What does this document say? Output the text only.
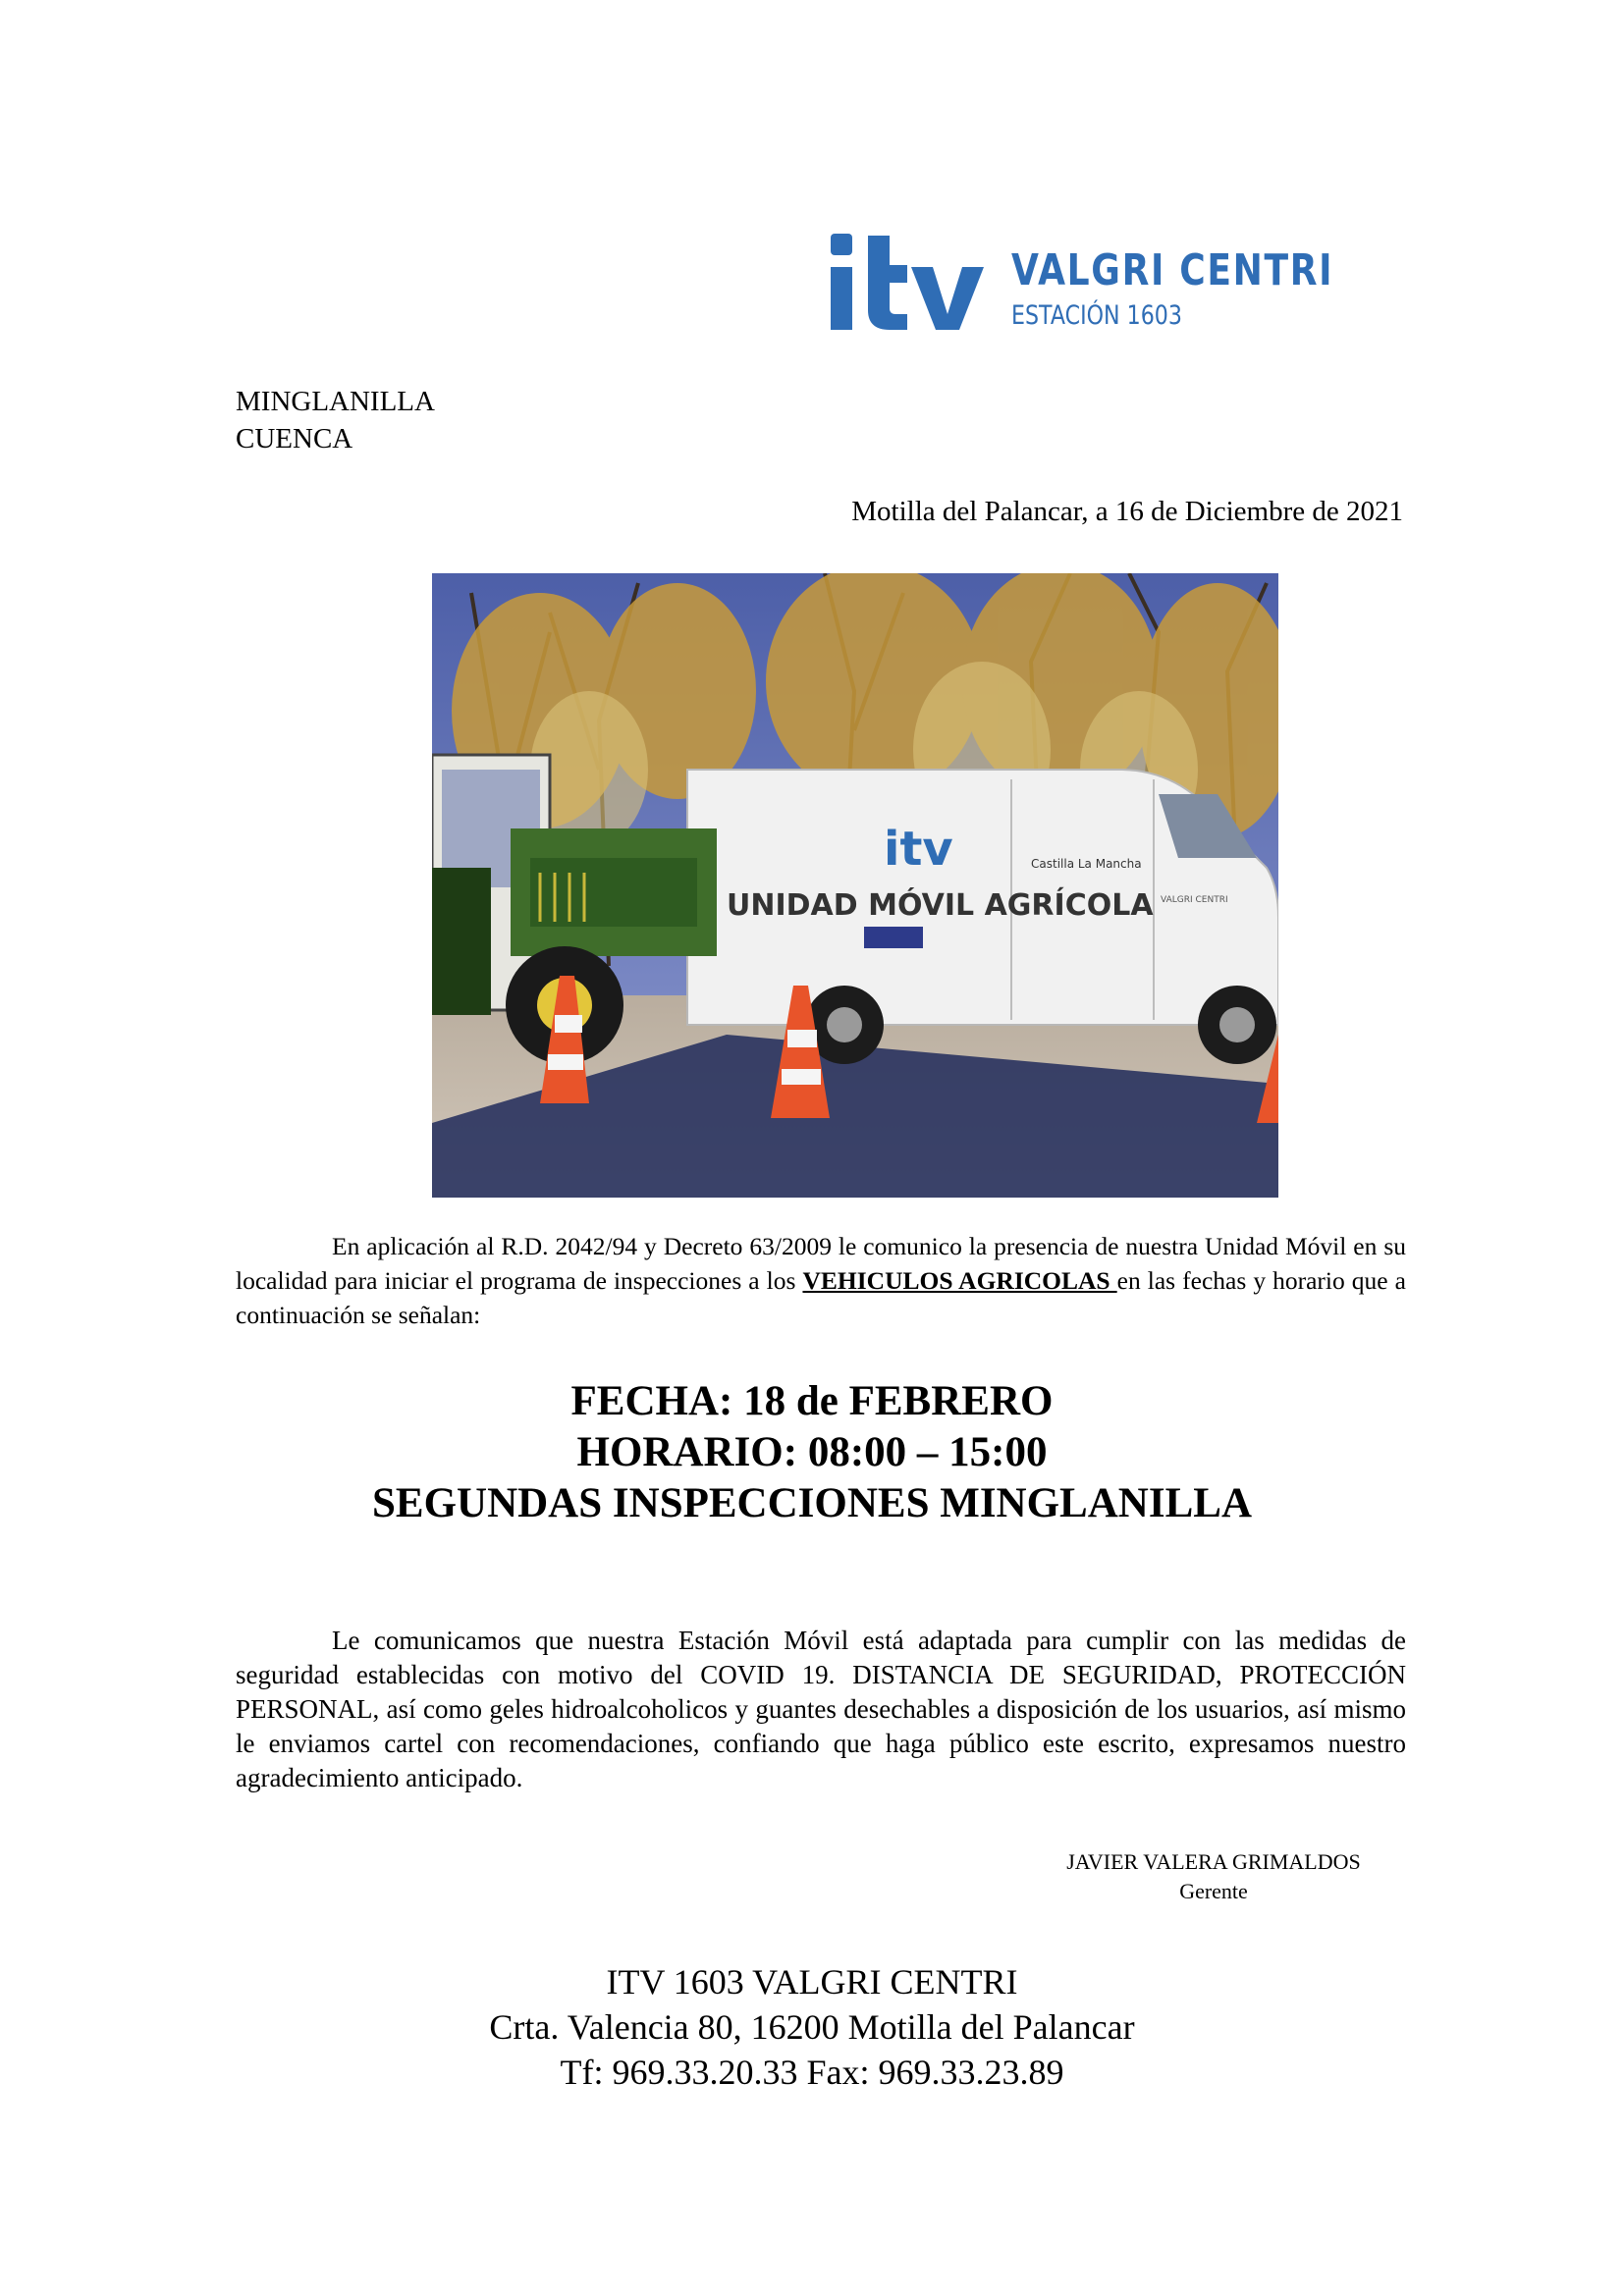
VALGRI CENTRI
ESTACIÓN 1603
MINGLANILLA
CUENCA
Motilla del Palancar, a 16 de Diciembre de 2021
itv	Castilla La Mancha
UNIDAD MÓVIL AGRÍCOLA VALGRI CENTRI
En aplicación al R.D. 2042/94 y Decreto 63/2009 le comunico la presencia de nuestra Unidad Móvil en su localidad para iniciar el programa de inspecciones a los VEHICULOS AGRICOLAS en las fechas y horario que a continuación se señalan:
FECHA: 18 de FEBRERO
HORARIO: 08:00 – 15:00
SEGUNDAS INSPECCIONES MINGLANILLA
Le comunicamos que nuestra Estación Móvil está adaptada para cumplir con las medidas de seguridad establecidas con motivo del COVID 19. DISTANCIA DE SEGURIDAD, PROTECCIÓN PERSONAL, así como geles hidroalcoholicos y guantes desechables a disposición de los usuarios, así mismo le enviamos cartel con recomendaciones, confiando que haga público este escrito, expresamos nuestro agradecimiento anticipado.
JAVIER VALERA GRIMALDOS
Gerente
ITV 1603 VALGRI CENTRI
Crta. Valencia 80, 16200 Motilla del Palancar
Tf: 969.33.20.33 Fax: 969.33.23.89
